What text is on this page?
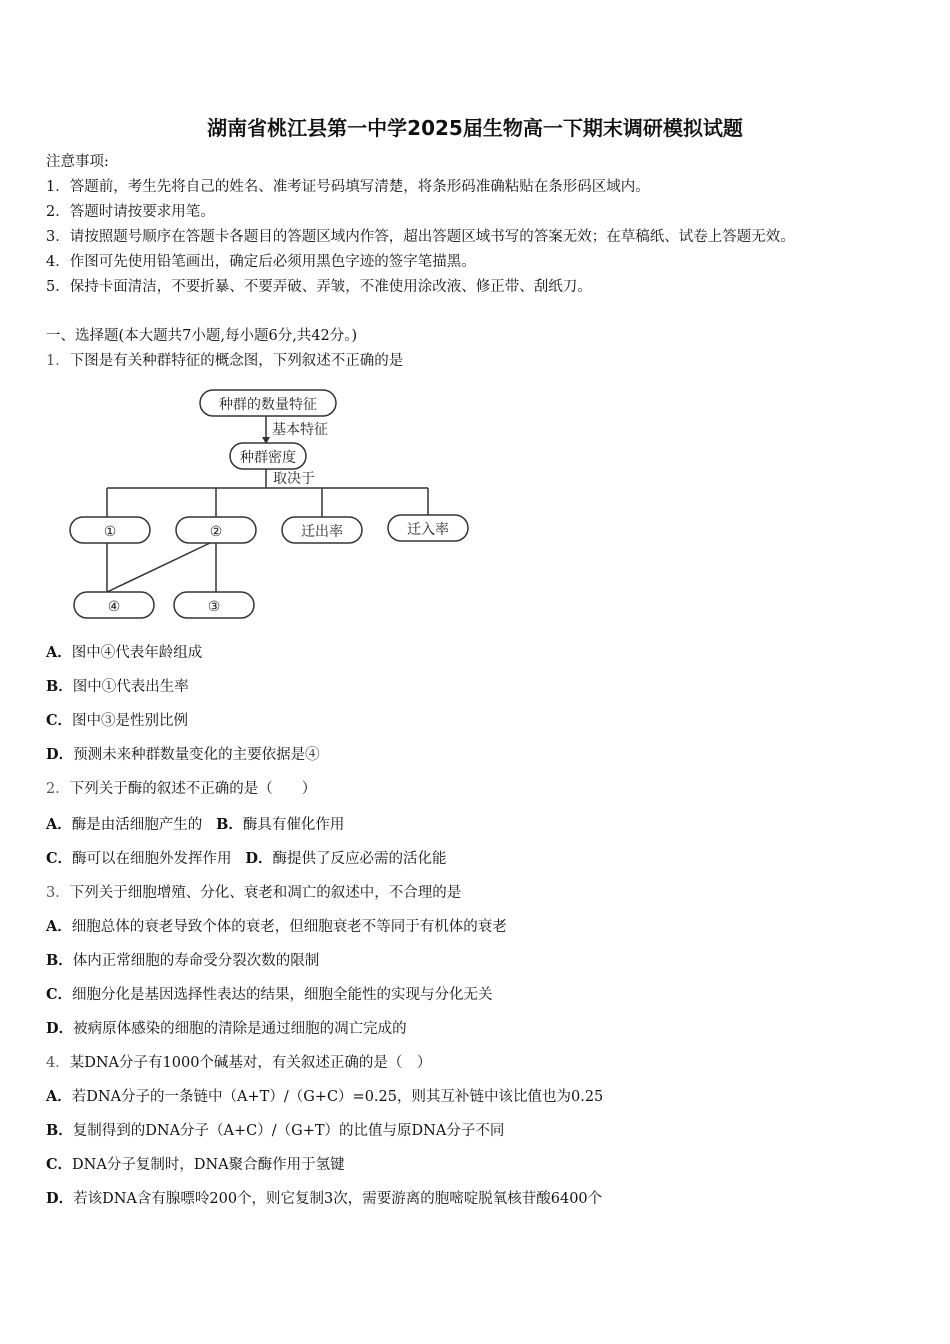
湖南省桃江县第一中学2025届生物高一下期末调研模拟试题
注意事项:
1．答题前，考生先将自己的姓名、准考证号码填写清楚，将条形码准确粘贴在条形码区域内。
2．答题时请按要求用笔。
3．请按照题号顺序在答题卡各题目的答题区域内作答，超出答题区域书写的答案无效；在草稿纸、试卷上答题无效。
4．作图可先使用铅笔画出，确定后必须用黑色字迹的签字笔描黑。
5．保持卡面清洁，不要折暴、不要弄破、弄皱，不准使用涂改液、修正带、刮纸刀。
一、选择题(本大题共7小题,每小题6分,共42分。)
1．下图是有关种群特征的概念图，下列叙述不正确的是
种群的数量特征
基本特征
种群密度
取决于
①	②	迁出率	迁入率
④	③
A．图中④代表年龄组成
B．图中①代表出生率
C．图中③是性别比例
D．预测未来种群数量变化的主要依据是④
2．下列关于酶的叙述不正确的是（　　）
A．酶是由活细胞产生的 B．酶具有催化作用
C．酶可以在细胞外发挥作用 D．酶提供了反应必需的活化能
3．下列关于细胞增殖、分化、衰老和凋亡的叙述中，不合理的是
A．细胞总体的衰老导致个体的衰老，但细胞衰老不等同于有机体的衰老
B．体内正常细胞的寿命受分裂次数的限制
C．细胞分化是基因选择性表达的结果，细胞全能性的实现与分化无关
D．被病原体感染的细胞的清除是通过细胞的凋亡完成的
4．某DNA分子有1000个碱基对，有关叙述正确的是（　）
A．若DNA分子的一条链中（A+T）/（G+C）=0.25，则其互补链中该比值也为0.25
B．复制得到的DNA分子（A+C）/（G+T）的比值与原DNA分子不同
C．DNA分子复制时，DNA聚合酶作用于氢键
D．若该DNA含有腺嘌呤200个，则它复制3次，需要游离的胞嘧啶脱氧核苷酸6400个
